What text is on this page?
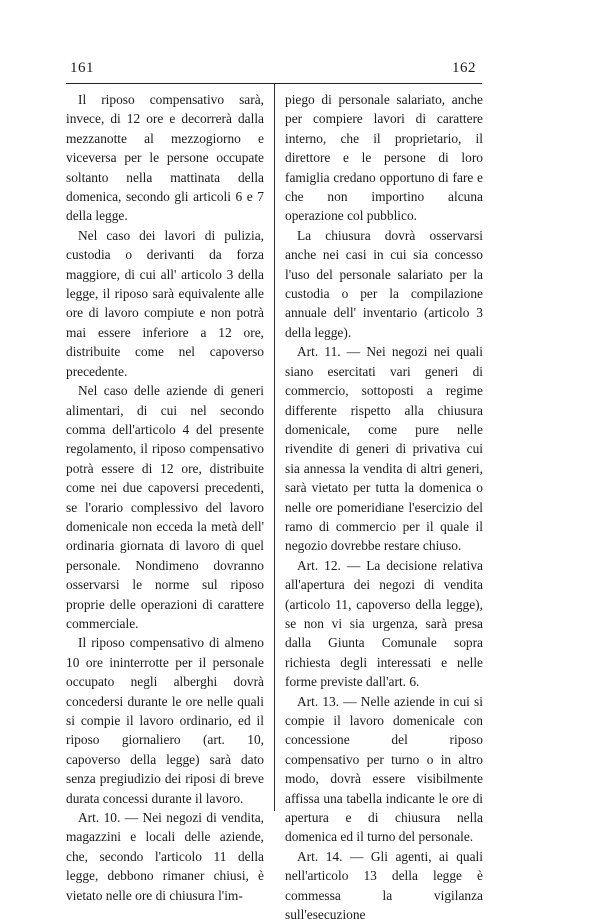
161	162

Il riposo compensativo sarà, invece, di 12 ore e decorrerà dalla mezzanotte al mezzogiorno e viceversa per le persone occupate soltanto nella mattinata della domenica, secondo gli articoli 6 e 7 della legge.

Nel caso dei lavori di pulizia, custodia o derivanti da forza maggiore, di cui all' articolo 3 della legge, il riposo sarà equivalente alle ore di lavoro compiute e non potrà mai essere inferiore a 12 ore, distribuite come nel capoverso precedente.

Nel caso delle aziende di generi alimentari, di cui nel secondo comma dell'articolo 4 del presente regolamento, il riposo compensativo potrà essere di 12 ore, distribuite come nei due capoversi precedenti, se l'orario complessivo del lavoro domenicale non ecceda la metà dell' ordinaria giornata di lavoro di quel personale. Nondimeno dovranno osservarsi le norme sul riposo proprie delle operazioni di carattere commerciale.

Il riposo compensativo di almeno 10 ore ininterrotte per il personale occupato negli alberghi dovrà concedersi durante le ore nelle quali si compie il lavoro ordinario, ed il riposo giornaliero (art. 10, capoverso della legge) sarà dato senza pregiudizio dei riposi di breve durata concessi durante il lavoro.

Art. 10. — Nei negozi di vendita, magazzini e locali delle aziende, che, secondo l'articolo 11 della legge, debbono rimaner chiusi, è vietato nelle ore di chiusura l'im-

piego di personale salariato, anche per compiere lavori di carattere interno, che il proprietario, il direttore e le persone di loro famiglia credano opportuno di fare e che non importino alcuna operazione col pubblico.

La chiusura dovrà osservarsi anche nei casi in cui sia concesso l'uso del personale salariato per la custodia o per la compilazione annuale dell' inventario (articolo 3 della legge).

Art. 11. — Nei negozi nei quali siano esercitati vari generi di commercio, sottoposti a regime differente rispetto alla chiusura domenicale, come pure nelle rivendite di generi di privativa cui sia annessa la vendita di altri generi, sarà vietato per tutta la domenica o nelle ore pomeridiane l'esercizio del ramo di commercio per il quale il negozio dovrebbe restare chiuso.

Art. 12. — La decisione relativa all'apertura dei negozi di vendita (articolo 11, capoverso della legge), se non vi sia urgenza, sarà presa dalla Giunta Comunale sopra richiesta degli interessati e nelle forme previste dall'art. 6.

Art. 13. — Nelle aziende in cui si compie il lavoro domenicale con concessione del riposo compensativo per turno o in altro modo, dovrà essere visibilmente affissa una tabella indicante le ore di apertura e di chiusura nella domenica ed il turno del personale.

Art. 14. — Gli agenti, ai quali nell'articolo 13 della legge è commessa la vigilanza sull'esecuzione
